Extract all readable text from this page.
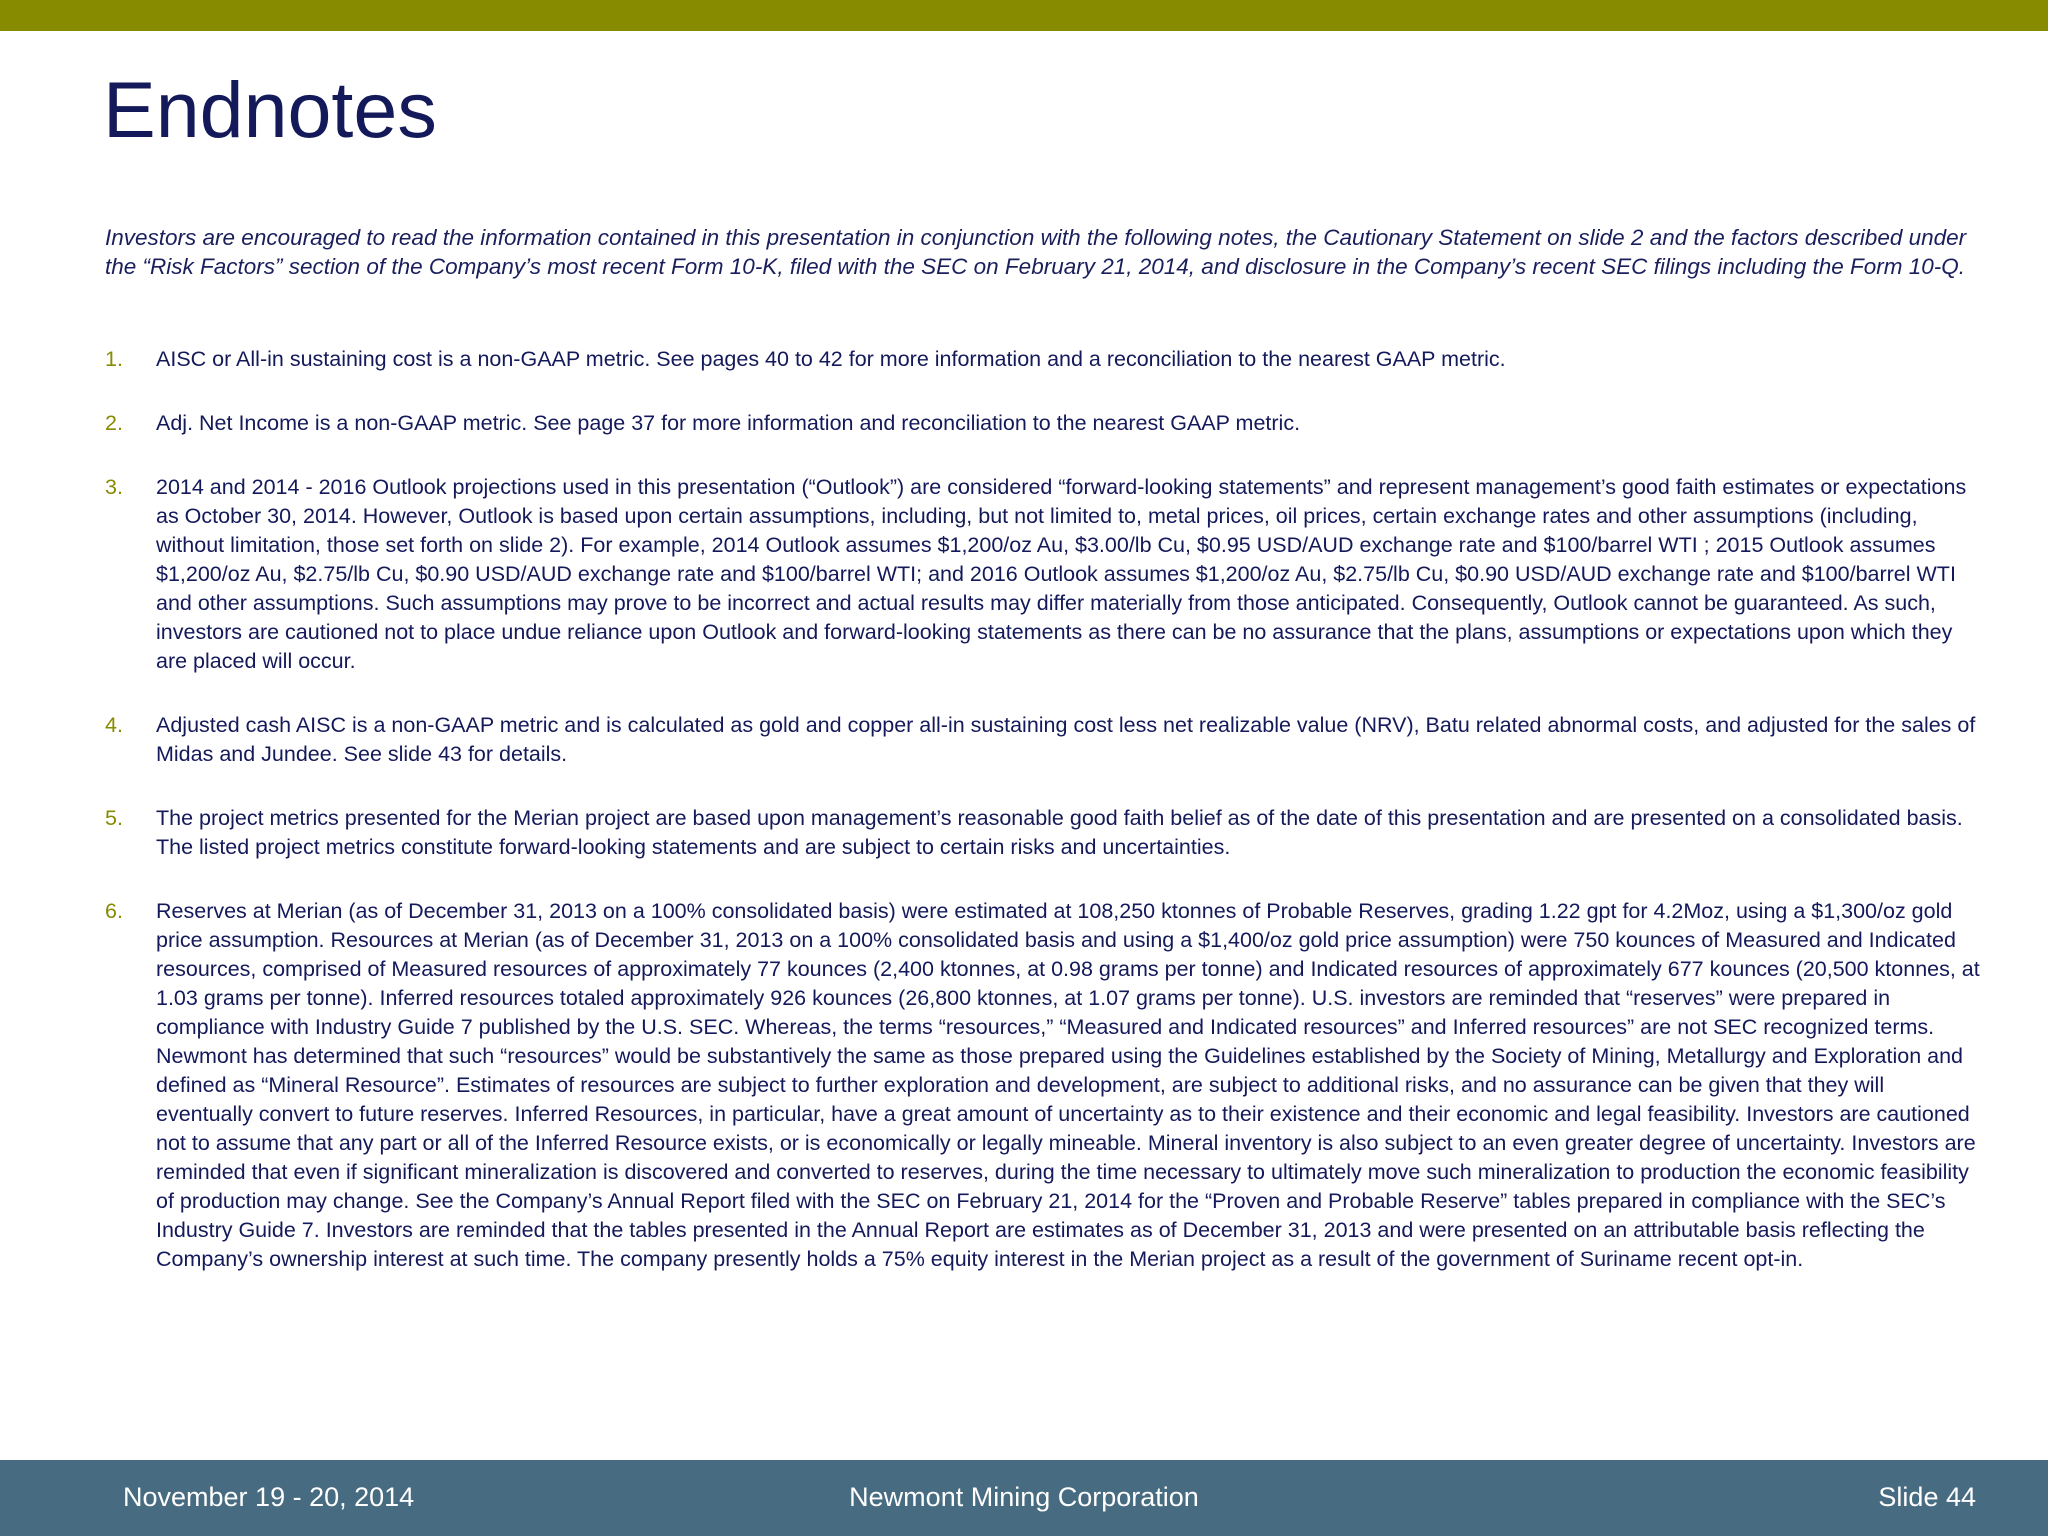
Endnotes

Investors are encouraged to read the information contained in this presentation in conjunction with the following notes, the Cautionary Statement on slide 2 and the factors described under the “Risk Factors” section of the Company’s most recent Form 10-K, filed with the SEC on February 21, 2014, and disclosure in the Company’s recent SEC filings including the Form 10-Q.

1. AISC or All-in sustaining cost is a non-GAAP metric. See pages 40 to 42 for more information and a reconciliation to the nearest GAAP metric.
2. Adj. Net Income is a non-GAAP metric. See page 37 for more information and reconciliation to the nearest GAAP metric.
3. 2014 and 2014 - 2016 Outlook projections used in this presentation (“Outlook”) are considered “forward-looking statements” and represent management’s good faith estimates or expectations as October 30, 2014. However, Outlook is based upon certain assumptions, including, but not limited to, metal prices, oil prices, certain exchange rates and other assumptions (including, without limitation, those set forth on slide 2). For example, 2014 Outlook assumes $1,200/oz Au, $3.00/lb Cu, $0.95 USD/AUD exchange rate and $100/barrel WTI ; 2015 Outlook assumes $1,200/oz Au, $2.75/lb Cu, $0.90 USD/AUD exchange rate and $100/barrel WTI; and 2016 Outlook assumes $1,200/oz Au, $2.75/lb Cu, $0.90 USD/AUD exchange rate and $100/barrel WTI and other assumptions. Such assumptions may prove to be incorrect and actual results may differ materially from those anticipated. Consequently, Outlook cannot be guaranteed. As such, investors are cautioned not to place undue reliance upon Outlook and forward-looking statements as there can be no assurance that the plans, assumptions or expectations upon which they are placed will occur.
4. Adjusted cash AISC is a non-GAAP metric and is calculated as gold and copper all-in sustaining cost less net realizable value (NRV), Batu related abnormal costs, and adjusted for the sales of Midas and Jundee. See slide 43 for details.
5. The project metrics presented for the Merian project are based upon management’s reasonable good faith belief as of the date of this presentation and are presented on a consolidated basis. The listed project metrics constitute forward-looking statements and are subject to certain risks and uncertainties.
6. Reserves at Merian (as of December 31, 2013 on a 100% consolidated basis) were estimated at 108,250 ktonnes of Probable Reserves, grading 1.22 gpt for 4.2Moz, using a $1,300/oz gold price assumption. Resources at Merian (as of December 31, 2013 on a 100% consolidated basis and using a $1,400/oz gold price assumption) were 750 kounces of Measured and Indicated resources, comprised of Measured resources of approximately 77 kounces (2,400 ktonnes, at 0.98 grams per tonne) and Indicated resources of approximately 677 kounces (20,500 ktonnes, at 1.03 grams per tonne). Inferred resources totaled approximately 926 kounces (26,800 ktonnes, at 1.07 grams per tonne). U.S. investors are reminded that “reserves” were prepared in compliance with Industry Guide 7 published by the U.S. SEC. Whereas, the terms “resources,” “Measured and Indicated resources” and Inferred resources” are not SEC recognized terms. Newmont has determined that such “resources” would be substantively the same as those prepared using the Guidelines established by the Society of Mining, Metallurgy and Exploration and defined as “Mineral Resource”. Estimates of resources are subject to further exploration and development, are subject to additional risks, and no assurance can be given that they will eventually convert to future reserves. Inferred Resources, in particular, have a great amount of uncertainty as to their existence and their economic and legal feasibility. Investors are cautioned not to assume that any part or all of the Inferred Resource exists, or is economically or legally mineable. Mineral inventory is also subject to an even greater degree of uncertainty. Investors are reminded that even if significant mineralization is discovered and converted to reserves, during the time necessary to ultimately move such mineralization to production the economic feasibility of production may change. See the Company’s Annual Report filed with the SEC on February 21, 2014 for the “Proven and Probable Reserve” tables prepared in compliance with the SEC’s Industry Guide 7. Investors are reminded that the tables presented in the Annual Report are estimates as of December 31, 2013 and were presented on an attributable basis reflecting the Company’s ownership interest at such time. The company presently holds a 75% equity interest in the Merian project as a result of the government of Suriname recent opt-in.
November 19 - 20, 2014	Newmont Mining Corporation	Slide 44
